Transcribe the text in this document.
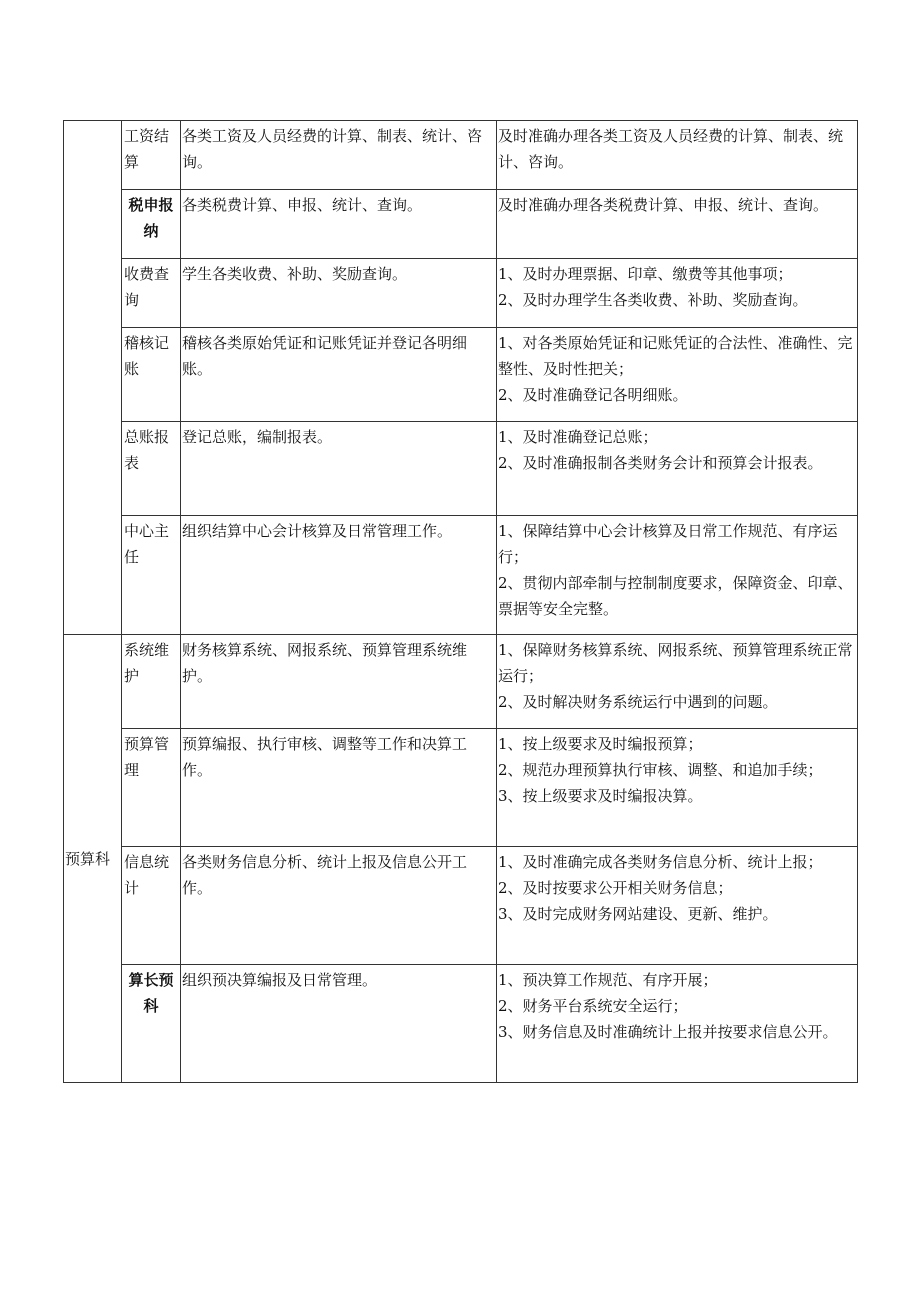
	工资结算	各类工资及人员经费的计算、制表、统计、咨询。	及时准确办理各类工资及人员经费的计算、制表、统计、咨询。

	税申报纳	各类税费计算、申报、统计、查询。	及时准确办理各类税费计算、申报、统计、查询。

	收费查询	学生各类收费、补助、奖励查询。	1、及时办理票据、印章、缴费等其他事项；
2、及时办理学生各类收费、补助、奖励查询。

	稽核记账	稽核各类原始凭证和记账凭证并登记各明细账。	1、对各类原始凭证和记账凭证的合法性、准确性、完整性、及时性把关；
2、及时准确登记各明细账。

	总账报表	登记总账，编制报表。	1、及时准确登记总账；
2、及时准确报制各类财务会计和预算会计报表。

	中心主任	组织结算中心会计核算及日常管理工作。	1、保障结算中心会计核算及日常工作规范、有序运行；
2、贯彻内部牵制与控制制度要求，保障资金、印章、票据等安全完整。

预算科	系统维护	财务核算系统、网报系统、预算管理系统维护。	1、保障财务核算系统、网报系统、预算管理系统正常运行；
2、及时解决财务系统运行中遇到的问题。

	预算管理	预算编报、执行审核、调整等工作和决算工作。	1、按上级要求及时编报预算；
2、规范办理预算执行审核、调整、和追加手续；
3、按上级要求及时编报决算。

	信息统计	各类财务信息分析、统计上报及信息公开工作。	1、及时准确完成各类财务信息分析、统计上报；
2、及时按要求公开相关财务信息；
3、及时完成财务网站建设、更新、维护。

	算长预科	组织预决算编报及日常管理。	1、预决算工作规范、有序开展；
2、财务平台系统安全运行；
3、财务信息及时准确统计上报并按要求信息公开。
